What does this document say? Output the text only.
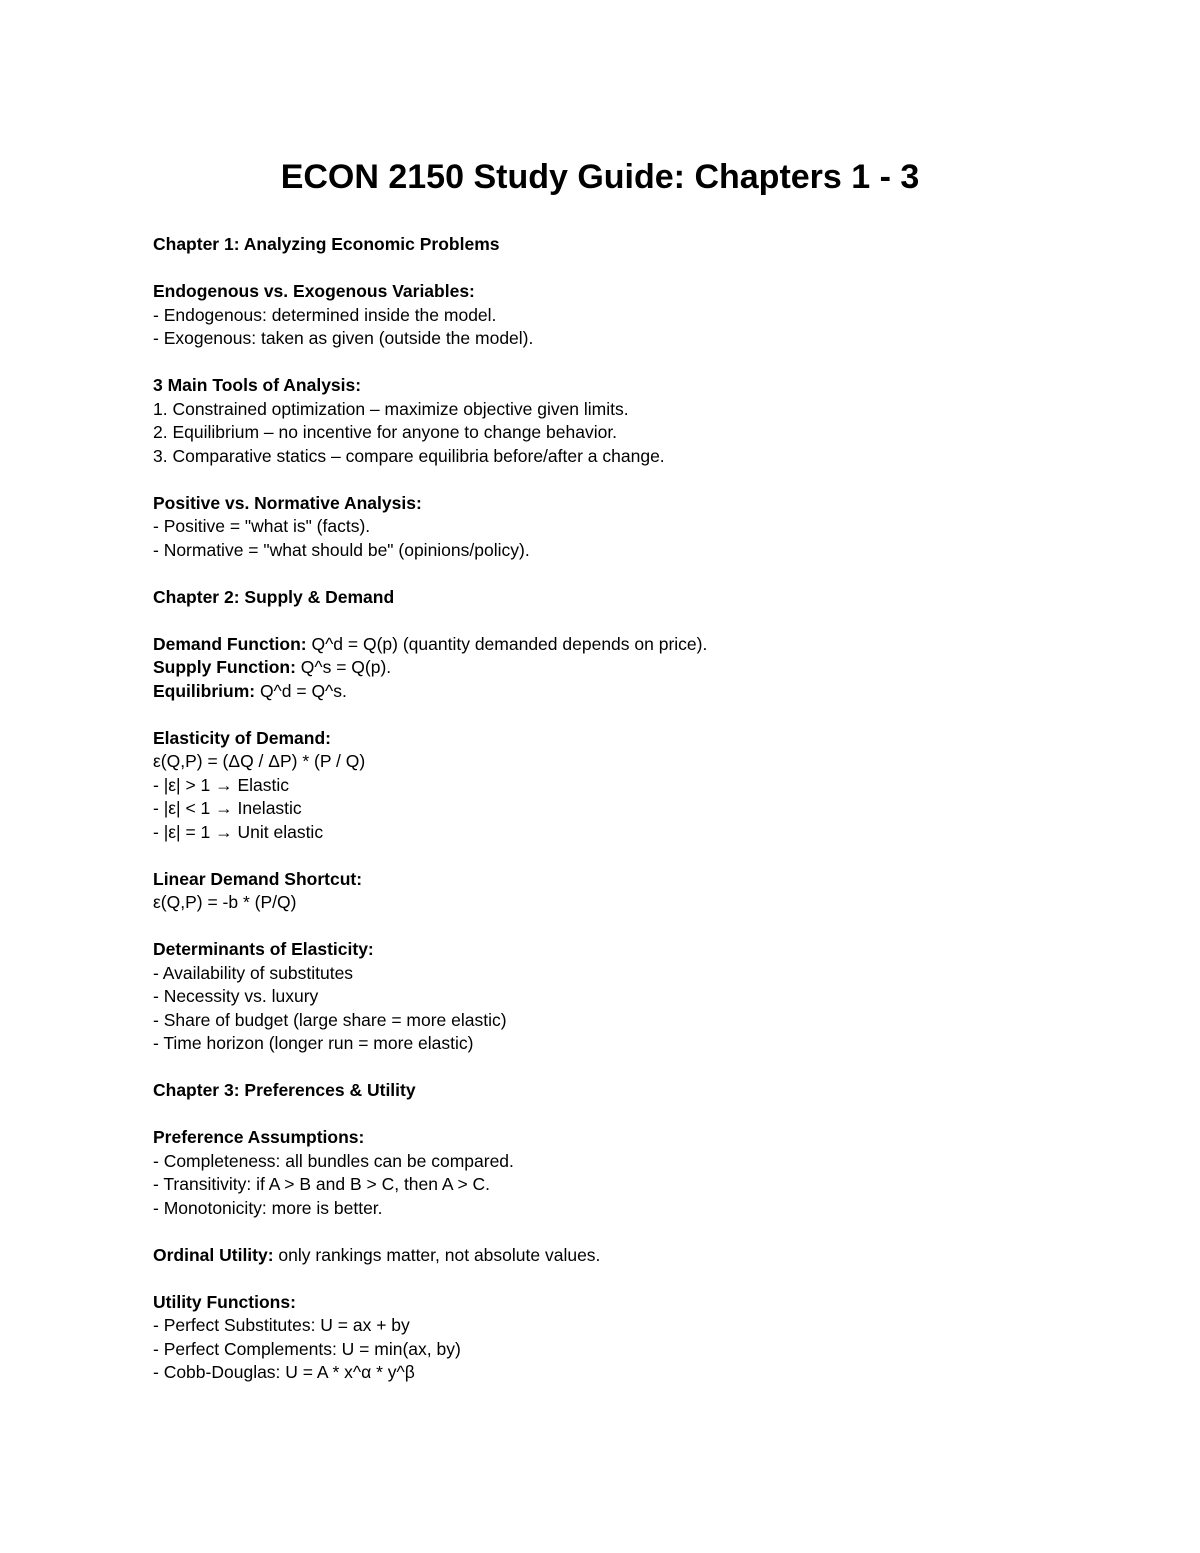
ECON 2150 Study Guide: Chapters 1 - 3
Chapter 1: Analyzing Economic Problems
Endogenous vs. Exogenous Variables:
- Endogenous: determined inside the model.
- Exogenous: taken as given (outside the model).
3 Main Tools of Analysis:
1. Constrained optimization – maximize objective given limits.
2. Equilibrium – no incentive for anyone to change behavior.
3. Comparative statics – compare equilibria before/after a change.
Positive vs. Normative Analysis:
- Positive = "what is" (facts).
- Normative = "what should be" (opinions/policy).
Chapter 2: Supply & Demand
Demand Function: Q^d = Q(p) (quantity demanded depends on price).
Supply Function: Q^s = Q(p).
Equilibrium: Q^d = Q^s.
Elasticity of Demand:
ε(Q,P) = (ΔQ / ΔP) * (P / Q)
- |ε| > 1 → Elastic
- |ε| < 1 → Inelastic
- |ε| = 1 → Unit elastic
Linear Demand Shortcut:
ε(Q,P) = -b * (P/Q)
Determinants of Elasticity:
- Availability of substitutes
- Necessity vs. luxury
- Share of budget (large share = more elastic)
- Time horizon (longer run = more elastic)
Chapter 3: Preferences & Utility
Preference Assumptions:
- Completeness: all bundles can be compared.
- Transitivity: if A > B and B > C, then A > C.
- Monotonicity: more is better.
Ordinal Utility: only rankings matter, not absolute values.
Utility Functions:
- Perfect Substitutes: U = ax + by
- Perfect Complements: U = min(ax, by)
- Cobb-Douglas: U = A * x^α * y^β
